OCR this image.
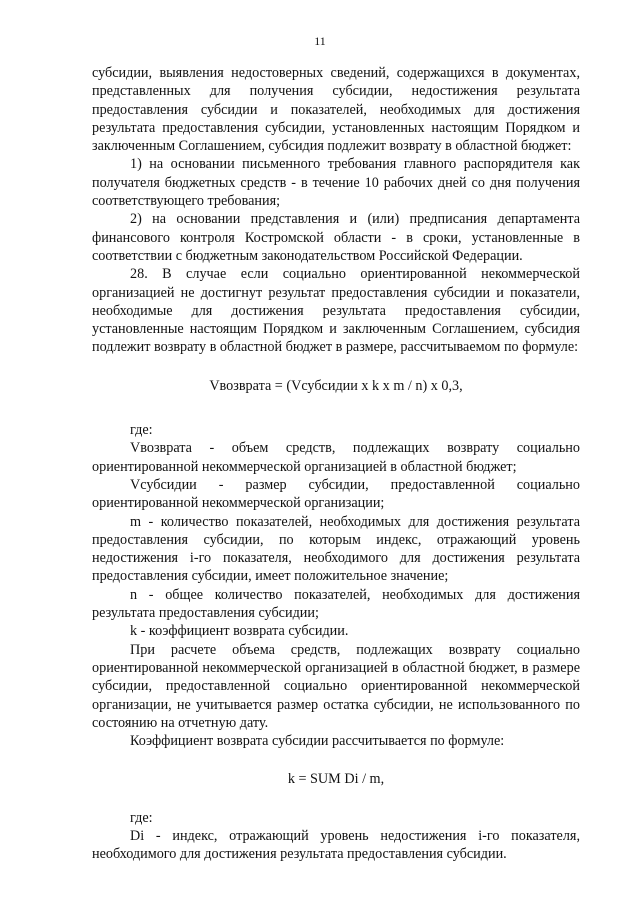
11

субсидии, выявления недостоверных сведений, содержащихся в документах, представленных для получения субсидии, недостижения результата предоставления субсидии и показателей, необходимых для достижения результата предоставления субсидии, установленных настоящим Порядком и заключенным Соглашением, субсидия подлежит возврату в областной бюджет:

1) на основании письменного требования главного распорядителя как получателя бюджетных средств - в течение 10 рабочих дней со дня получения соответствующего требования;

2) на основании представления и (или) предписания департамента финансового контроля Костромской области - в сроки, установленные в соответствии с бюджетным законодательством Российской Федерации.

28. В случае если социально ориентированной некоммерческой организацией не достигнут результат предоставления субсидии и показатели, необходимые для достижения результата предоставления субсидии, установленные настоящим Порядком и заключенным Соглашением, субсидия подлежит возврату в областной бюджет в размере, рассчитываемом по формуле:

Vвозврата = (Vсубсидии x k x m / n) x 0,3,

где:

Vвозврата - объем средств, подлежащих возврату социально ориентированной некоммерческой организацией в областной бюджет;

Vсубсидии - размер субсидии, предоставленной социально ориентированной некоммерческой организации;

m - количество показателей, необходимых для достижения результата предоставления субсидии, по которым индекс, отражающий уровень недостижения i-го показателя, необходимого для достижения результата предоставления субсидии, имеет положительное значение;

n - общее количество показателей, необходимых для достижения результата предоставления субсидии;

k - коэффициент возврата субсидии.

При расчете объема средств, подлежащих возврату социально ориентированной некоммерческой организацией в областной бюджет, в размере субсидии, предоставленной социально ориентированной некоммерческой организации, не учитывается размер остатка субсидии, не использованного по состоянию на отчетную дату.

Коэффициент возврата субсидии рассчитывается по формуле:

k = SUM Di / m,

где:

Di - индекс, отражающий уровень недостижения i-го показателя, необходимого для достижения результата предоставления субсидии.
